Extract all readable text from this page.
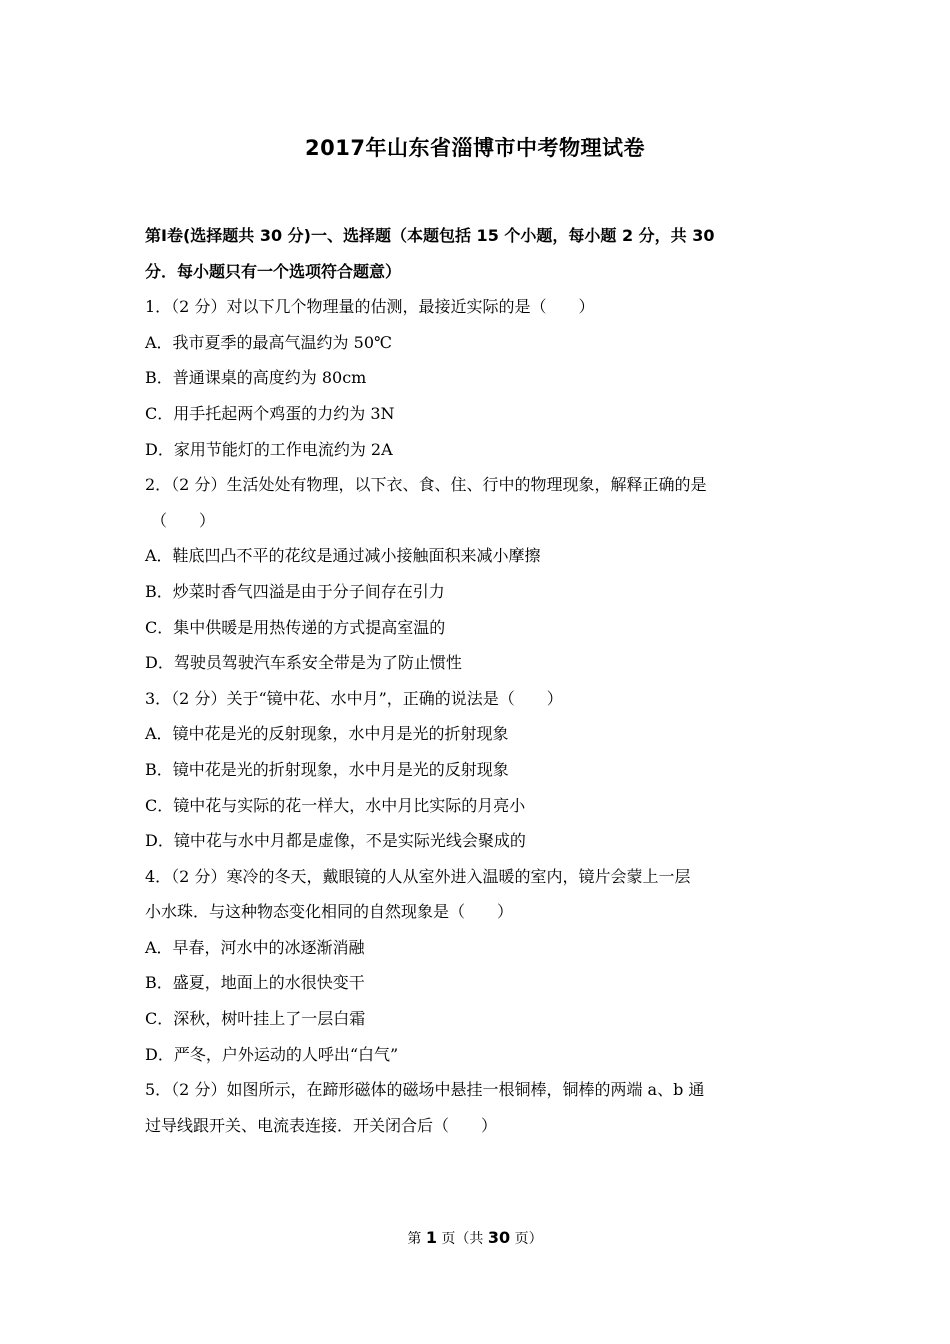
2017年山东省淄博市中考物理试卷
第Ⅰ卷(选择题共 30 分)一、选择题（本题包括 15 个小题，每小题 2 分，共 30
分．每小题只有一个选项符合题意）
1．（2 分）对以下几个物理量的估测，最接近实际的是（　　）
A．我市夏季的最高气温约为 50℃
B．普通课桌的高度约为 80cm
C．用手托起两个鸡蛋的力约为 3N
D．家用节能灯的工作电流约为 2A
2．（2 分）生活处处有物理，以下衣、食、住、行中的物理现象，解释正确的是
（　　）
A．鞋底凹凸不平的花纹是通过减小接触面积来减小摩擦
B．炒菜时香气四溢是由于分子间存在引力
C．集中供暖是用热传递的方式提高室温的
D．驾驶员驾驶汽车系安全带是为了防止惯性
3．（2 分）关于“镜中花、水中月”，正确的说法是（　　）
A．镜中花是光的反射现象，水中月是光的折射现象
B．镜中花是光的折射现象，水中月是光的反射现象
C．镜中花与实际的花一样大，水中月比实际的月亮小
D．镜中花与水中月都是虚像，不是实际光线会聚成的
4．（2 分）寒冷的冬天，戴眼镜的人从室外进入温暖的室内，镜片会蒙上一层
小水珠．与这种物态变化相同的自然现象是（　　）
A．早春，河水中的冰逐渐消融
B．盛夏，地面上的水很快变干
C．深秋，树叶挂上了一层白霜
D．严冬，户外运动的人呼出“白气”
5．（2 分）如图所示，在蹄形磁体的磁场中悬挂一根铜棒，铜棒的两端 a、b 通
过导线跟开关、电流表连接．开关闭合后（　　）
第 1 页（共 30 页）
